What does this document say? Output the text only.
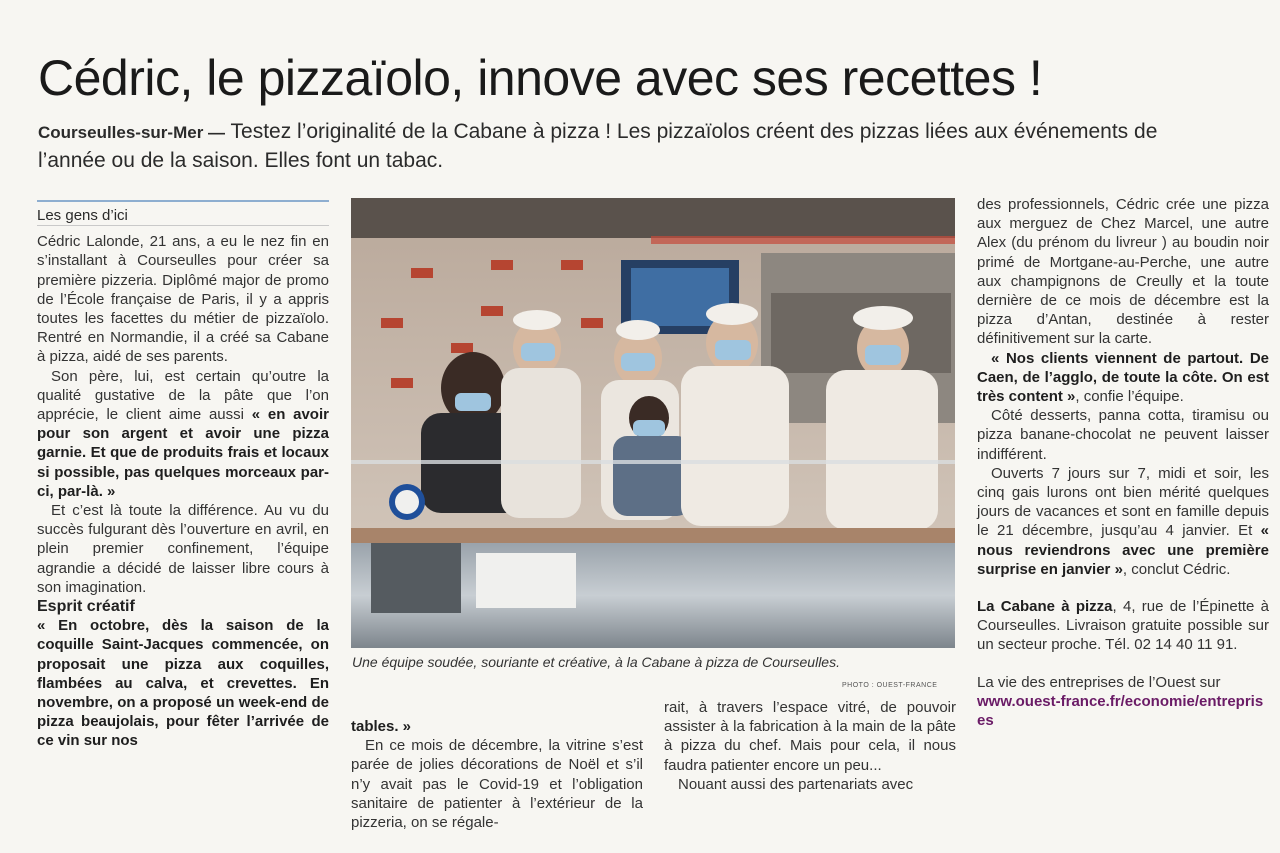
Cédric, le pizzaïolo, innove avec ses recettes !

Courseulles-sur-Mer — Testez l’originalité de la Cabane à pizza ! Les pizzaïolos créent des pizzas liées aux événements de l’année ou de la saison. Elles font un tabac.

Les gens d’ici

Cédric Lalonde, 21 ans, a eu le nez fin en s’installant à Courseulles pour créer sa première pizzeria. Diplômé major de promo de l’École française de Paris, il y a appris toutes les facettes du métier de pizzaïolo. Rentré en Normandie, il a créé sa Cabane à pizza, aidé de ses parents.

Son père, lui, est certain qu’outre la qualité gustative de la pâte que l’on apprécie, le client aime aussi « en avoir pour son argent et avoir une pizza garnie. Et que de produits frais et locaux si possible, pas quelques morceaux par-ci, par-là. »

Et c’est là toute la différence. Au vu du succès fulgurant dès l’ouverture en avril, en plein premier confinement, l’équipe agrandie a décidé de laisser libre cours à son imagination.

Esprit créatif

« En octobre, dès la saison de la coquille Saint-Jacques commencée, on proposait une pizza aux coquilles, flambées au calva, et crevettes. En novembre, on a proposé un week-end de pizza beaujolais, pour fêter l’arrivée de ce vin sur nos

Une équipe soudée, souriante et créative, à la Cabane à pizza de Courseulles.

PHOTO : OUEST-FRANCE

tables. »

En ce mois de décembre, la vitrine s’est parée de jolies décorations de Noël et s’il n’y avait pas le Covid-19 et l’obligation sanitaire de patienter à l’extérieur de la pizzeria, on se régale-

rait, à travers l’espace vitré, de pouvoir assister à la fabrication à la main de la pâte à pizza du chef. Mais pour cela, il nous faudra patienter encore un peu...

Nouant aussi des partenariats avec

des professionnels, Cédric crée une pizza aux merguez de Chez Marcel, une autre Alex (du prénom du livreur ) au boudin noir primé de Mortgane-au-Perche, une autre aux champignons de Creully et la toute dernière de ce mois de décembre est la pizza d’Antan, destinée à rester définitivement sur la carte.

« Nos clients viennent de partout. De Caen, de l’agglo, de toute la côte. On est très content », confie l’équipe.

Côté desserts, panna cotta, tiramisu ou pizza banane-chocolat ne peuvent laisser indifférent.

Ouverts 7 jours sur 7, midi et soir, les cinq gais lurons ont bien mérité quelques jours de vacances et sont en famille depuis le 21 décembre, jusqu’au 4 janvier. Et « nous reviendrons avec une première surprise en janvier », conclut Cédric.

La Cabane à pizza, 4, rue de l’Épinette à Courseulles. Livraison gratuite possible sur un secteur proche. Tél. 02 14 40 11 91.

La vie des entreprises de l’Ouest sur

www.ouest-france.fr/economie/entreprises
